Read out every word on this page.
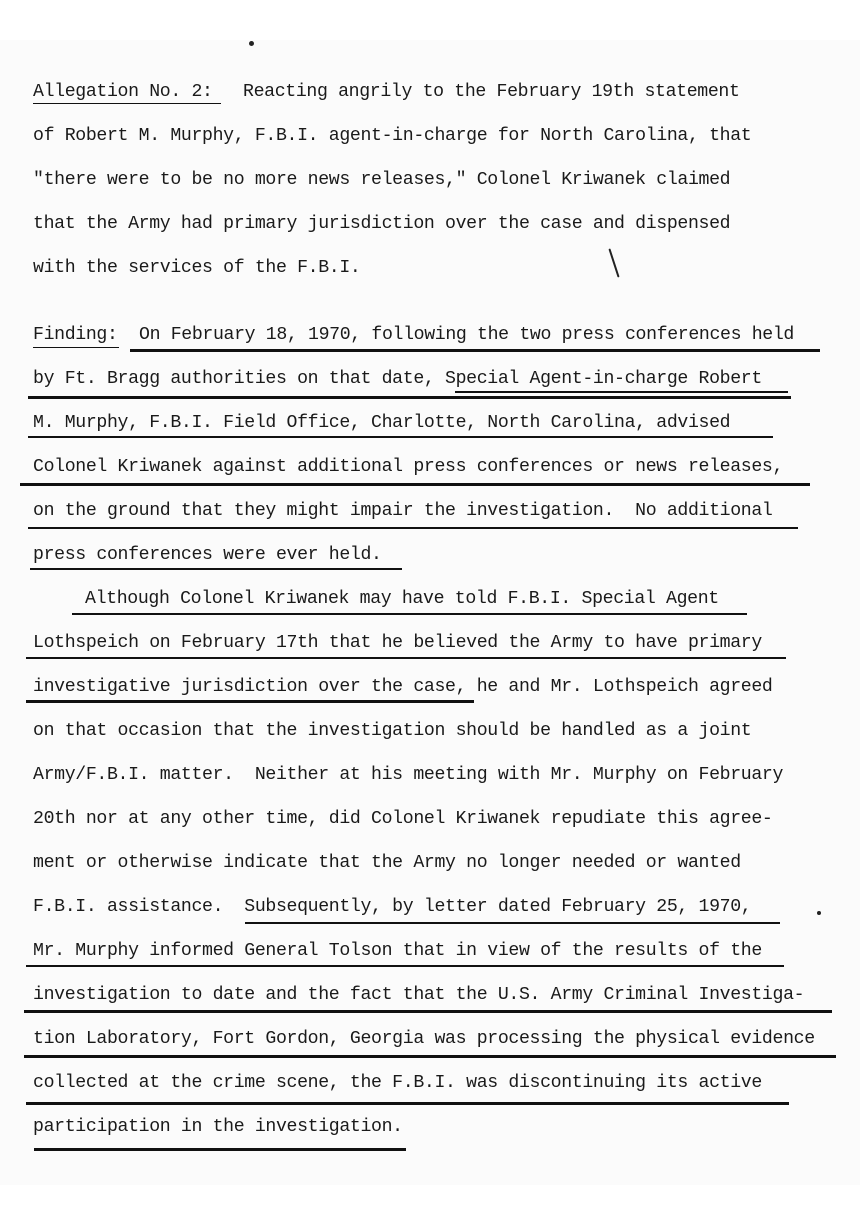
Allegation No. 2: Reacting angrily to the February 19th statement
of Robert M. Murphy, F.B.I. agent-in-charge for North Carolina, that
"there were to be no more news releases," Colonel Kriwanek claimed
that the Army had primary jurisdiction over the case and dispensed
with the services of the F.B.I.
Finding: On February 18, 1970, following the two press conferences held
by Ft. Bragg authorities on that date, Special Agent-in-charge Robert
M. Murphy, F.B.I. Field Office, Charlotte, North Carolina, advised
Colonel Kriwanek against additional press conferences or news releases,
on the ground that they might impair the investigation.  No additional
press conferences were ever held.
Although Colonel Kriwanek may have told F.B.I. Special Agent
Lothspeich on February 17th that he believed the Army to have primary
investigative jurisdiction over the case, he and Mr. Lothspeich agreed
on that occasion that the investigation should be handled as a joint
Army/F.B.I. matter.  Neither at his meeting with Mr. Murphy on February
20th nor at any other time, did Colonel Kriwanek repudiate this agree-
ment or otherwise indicate that the Army no longer needed or wanted
F.B.I. assistance.  Subsequently, by letter dated February 25, 1970,
Mr. Murphy informed General Tolson that in view of the results of the
investigation to date and the fact that the U.S. Army Criminal Investiga-
tion Laboratory, Fort Gordon, Georgia was processing the physical evidence
collected at the crime scene, the F.B.I. was discontinuing its active
participation in the investigation.
